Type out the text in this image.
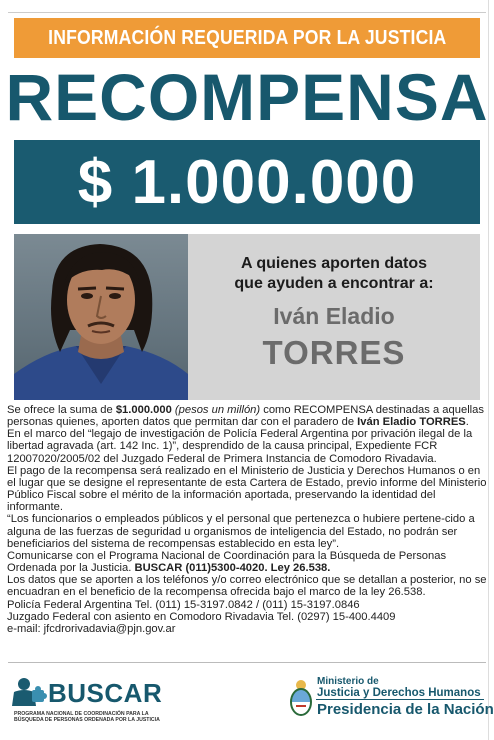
INFORMACIÓN REQUERIDA POR LA JUSTICIA
RECOMPENSA
$ 1.000.000
A quienes aporten datos
que ayuden a encontrar a:
Iván Eladio
TORRES

Se ofrece la suma de $1.000.000 (pesos un millón) como RECOMPENSA destinadas a aquellas personas quienes, aporten datos que permitan dar con el paradero de Iván Eladio TORRES.

En el marco del “legajo de investigación de Policía Federal Argentina por privación ilegal de la libertad agravada (art. 142 Inc. 1)”, desprendido de la causa principal, Expediente FCR 12007020/2005/02 del Juzgado Federal de Primera Instancia de Comodoro Rivadavia.

El pago de la recompensa será realizado en el Ministerio de Justicia y Derechos Humanos o en el lugar que se designe el representante de esta Cartera de Estado, previo informe del Ministerio Público Fiscal sobre el mérito de la información aportada, preservando la identidad del informante.

“Los funcionarios o empleados públicos y el personal que pertenezca o hubiere pertene-cido a alguna de las fuerzas de seguridad u organismos de inteligencia del Estado, no podrán ser beneficiarios del sistema de recompensas establecido en esta ley”.

Comunicarse con el Programa Nacional de Coordinación para la Búsqueda de Personas Ordenada por la Justicia. BUSCAR (011)5300-4020. Ley 26.538.

Los datos que se aporten a los teléfonos y/o correo electrónico que se detallan a posterior, no se encuadran en el beneficio de la recompensa ofrecida bajo el marco de la ley 26.538.

Policía Federal Argentina Tel. (011) 15-3197.0842 / (011) 15-3197.0846

Juzgado Federal con asiento en Comodoro Rivadavia Tel. (0297) 15-400.4409

e-mail: jfcdrorivadavia@pjn.gov.ar

BUSCAR
PROGRAMA NACIONAL DE COORDINACIÓN PARA LA BÚSQUEDA DE PERSONAS ORDENADA POR LA JUSTICIA
Ministerio de
Justicia y Derechos Humanos
Presidencia de la Nación
